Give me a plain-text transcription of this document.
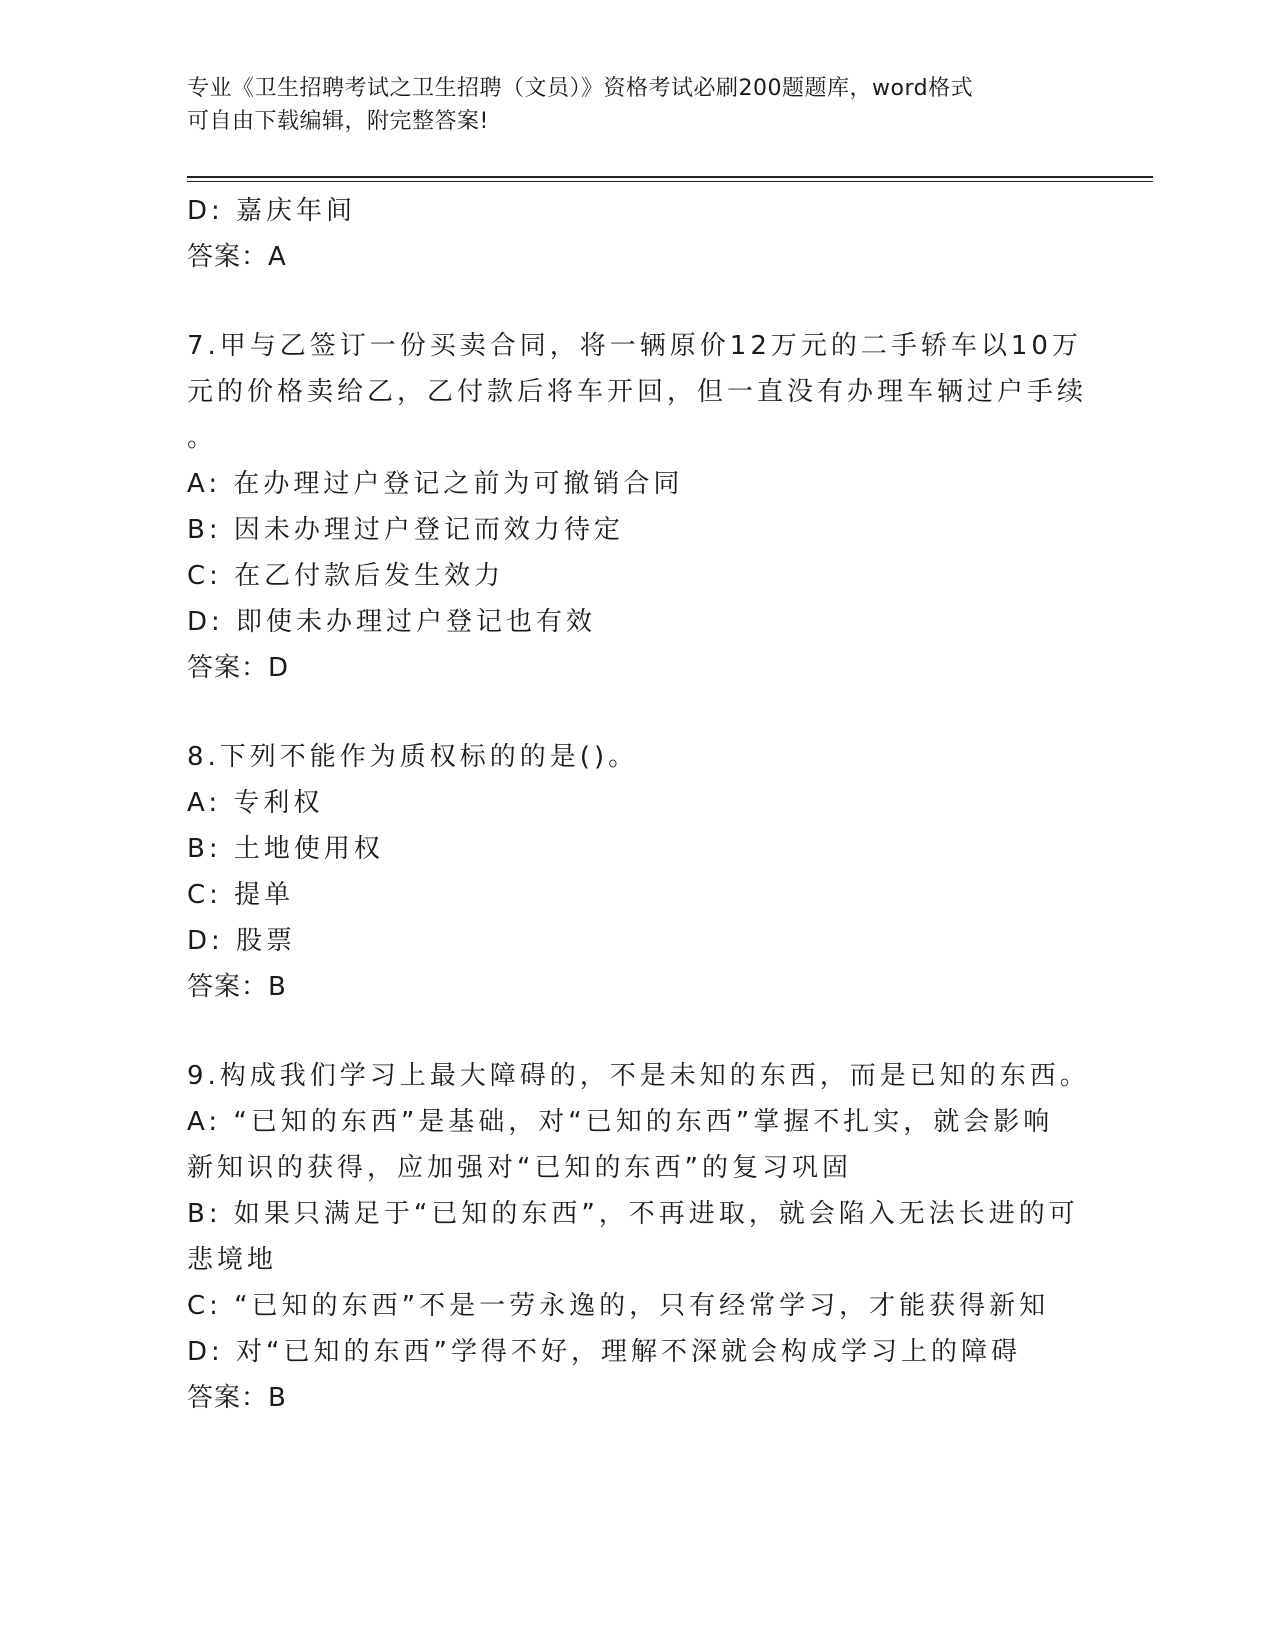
专业《卫生招聘考试之卫生招聘（文员）》资格考试必刷200题题库，word格式
可自由下载编辑，附完整答案!
D: 嘉庆年间
答案：A
7.甲与乙签订一份买卖合同，将一辆原价12万元的二手轿车以10万
元的价格卖给乙，乙付款后将车开回，但一直没有办理车辆过户手续
。
A: 在办理过户登记之前为可撤销合同
B: 因未办理过户登记而效力待定
C: 在乙付款后发生效力
D: 即使未办理过户登记也有效
答案：D
8.下列不能作为质权标的的是()。
A: 专利权
B: 土地使用权
C: 提单
D: 股票
答案：B
9.构成我们学习上最大障碍的，不是未知的东西，而是已知的东西。
A: “已知的东西”是基础，对“已知的东西”掌握不扎实，就会影响
新知识的获得，应加强对“已知的东西”的复习巩固
B: 如果只满足于“已知的东西”，不再进取，就会陷入无法长进的可
悲境地
C: “已知的东西”不是一劳永逸的，只有经常学习，才能获得新知
D: 对“已知的东西”学得不好，理解不深就会构成学习上的障碍
答案：B
